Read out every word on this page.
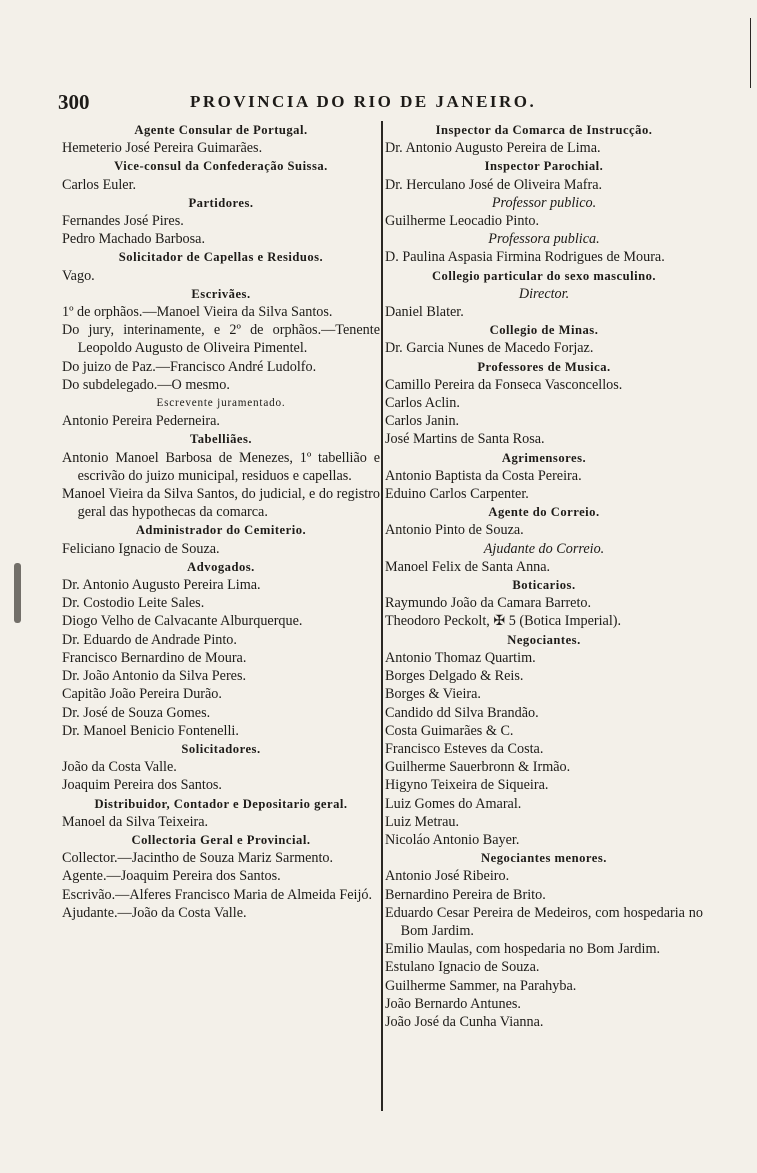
300	PROVINCIA DO RIO DE JANEIRO.
Agente Consular de Portugal.
Hemeterio José Pereira Guimarães.
Vice-consul da Confederação Suissa.
Carlos Euler.
Partidores.
Fernandes José Pires.
Pedro Machado Barbosa.
Solicitador de Capellas e Residuos.
Vago.
Escrivães.
1º de orphãos.—Manoel Vieira da Silva Santos.
Do jury, interinamente, e 2º de orphãos.—Tenente Leopoldo Augusto de Oliveira Pimentel.
Do juizo de Paz.—Francisco André Ludolfo.
Do subdelegado.—O mesmo.
Escrevente juramentado.
Antonio Pereira Pederneira.
Tabelliães.
Antonio Manoel Barbosa de Menezes, 1º tabellião e escrivão do juizo municipal, residuos e capellas.
Manoel Vieira da Silva Santos, do judicial, e do registro geral das hypothecas da comarca.
Administrador do Cemiterio.
Feliciano Ignacio de Souza.
Advogados.
Dr. Antonio Augusto Pereira Lima.
Dr. Costodio Leite Sales.
Diogo Velho de Calvacante Alburquerque.
Dr. Eduardo de Andrade Pinto.
Francisco Bernardino de Moura.
Dr. João Antonio da Silva Peres.
Capitão João Pereira Durão.
Dr. José de Souza Gomes.
Dr. Manoel Benicio Fontenelli.
Solicitadores.
João da Costa Valle.
Joaquim Pereira dos Santos.
Distribuidor, Contador e Depositario geral.
Manoel da Silva Teixeira.
Collectoria Geral e Provincial.
Collector.—Jacintho de Souza Mariz Sarmento.
Agente.—Joaquim Pereira dos Santos.
Escrivão.—Alferes Francisco Maria de Almeida Feijó.
Ajudante.—João da Costa Valle.
Inspector da Comarca de Instrucção.
Dr. Antonio Augusto Pereira de Lima.
Inspector Parochial.
Dr. Herculano José de Oliveira Mafra.
Professor publico.
Guilherme Leocadio Pinto.
Professora publica.
D. Paulina Aspasia Firmina Rodrigues de Moura.
Collegio particular do sexo masculino.
Director.
Daniel Blater.
Collegio de Minas.
Dr. Garcia Nunes de Macedo Forjaz.
Professores de Musica.
Camillo Pereira da Fonseca Vasconcellos.
Carlos Aclin.
Carlos Janin.
José Martins de Santa Rosa.
Agrimensores.
Antonio Baptista da Costa Pereira.
Eduino Carlos Carpenter.
Agente do Correio.
Antonio Pinto de Souza.
Ajudante do Correio.
Manoel Felix de Santa Anna.
Boticarios.
Raymundo João da Camara Barreto.
Theodoro Peckolt, ✠ 5 (Botica Imperial).
Negociantes.
Antonio Thomaz Quartim.
Borges Delgado & Reis.
Borges & Vieira.
Candido dd Silva Brandão.
Costa Guimarães & C.
Francisco Esteves da Costa.
Guilherme Sauerbronn & Irmão.
Higyno Teixeira de Siqueira.
Luiz Gomes do Amaral.
Luiz Metrau.
Nicoláo Antonio Bayer.
Negociantes menores.
Antonio José Ribeiro.
Bernardino Pereira de Brito.
Eduardo Cesar Pereira de Medeiros, com hospedaria no Bom Jardim.
Emilio Maulas, com hospedaria no Bom Jardim.
Estulano Ignacio de Souza.
Guilherme Sammer, na Parahyba.
João Bernardo Antunes.
João José da Cunha Vianna.
